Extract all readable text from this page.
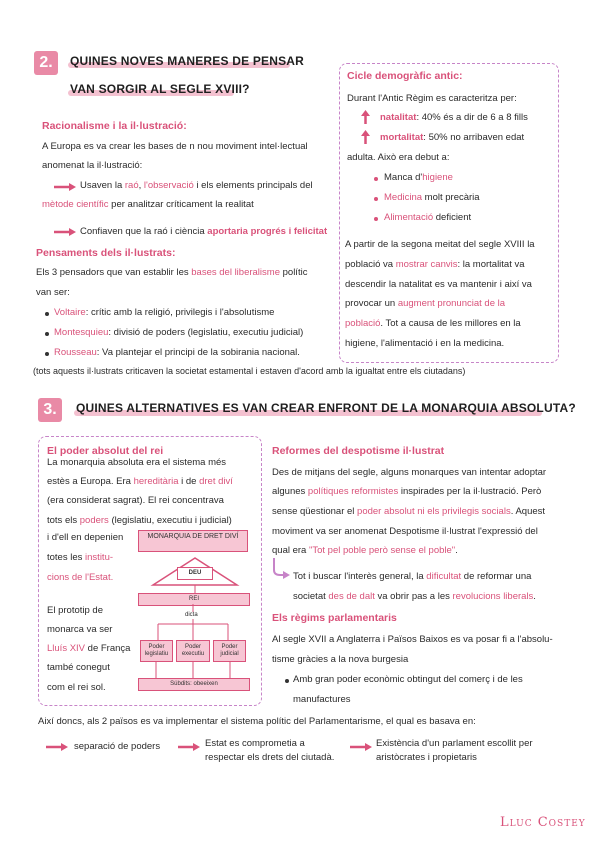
2.	QUINES NOVES MANERES DE PENSAR
VAN SORGIR AL SEGLE XVIII?
Racionalisme i la il·lustració:
A Europa es va crear les bases de n nou moviment intel·lectual
anomenat la il·lustració:
Usaven la raó, l'observació i els elements principals del
mètode científic per analitzar críticament la realitat
Confiaven que la raó i ciència aportaria progrés i felicitat
Pensaments dels il·lustrats:
Els 3 pensadors que van establir les bases del liberalisme polític
van ser:
Voltaire: crític amb la religió, privilegis i l'absolutisme
Montesquieu: divisió de poders (legislatiu, executiu judicial)
Rousseau: Va plantejar el principi de la sobirania nacional.
(tots aquests il·lustrats criticaven la societat estamental i estaven d'acord amb la igualtat entre els ciutadans)
Cicle demogràfic antic:
Durant l'Antic Règim es caracteritza per:
natalitat: 40% és a dir de 6 a 8 fills
mortalitat: 50% no arribaven edat
adulta. Això era debut a:
Manca d'higiene
Medicina molt precària
Alimentació deficient
A partir de la segona meitat del segle XVIII la
població va mostrar canvis: la mortalitat va
descendir la natalitat es va mantenir i així va
provocar un augment pronunciat de la
població. Tot a causa de les millores en la
higiene, l'alimentació i en la medicina.
3.	QUINES ALTERNATIVES ES VAN CREAR ENFRONT DE LA MONARQUIA ABSOLUTA?
El poder absolut del rei
La monarquia absoluta era el sistema més
estès a Europa. Era hereditària i de dret diví
(era considerat sagrat). El rei concentrava
tots els poders (legislatiu, executiu i judicial)
i d'ell en depenien
totes les institu-
cions de l'Estat.
El prototip de
monarca va ser
Lluís XIV de França
també conegut
com el rei sol.
MONARQUIA DE DRET DIVÍ
DEU
REI
dicta
Poder legislatiu
Poder executiu
Poder judicial
Súbdits: obeeixen
Reformes del despotisme il·lustrat
Des de mitjans del segle, alguns monarques van intentar adoptar
algunes polítiques reformistes inspirades per la il·lustració. Però
sense qüestionar el poder absolut ni els privilegis socials. Aquest
moviment va ser anomenat Despotisme il·lustrat l'expressió del
qual era "Tot pel poble però sense el poble".
Tot i buscar l'interès general, la dificultat de reformar una
societat des de dalt va obrir pas a les revolucions liberals.
Els règims parlamentaris
Al segle XVII a Anglaterra i Països Baixos es va posar fi a l'absolu-
tisme gràcies a la nova burgesia
Amb gran poder econòmic obtingut del comerç i de les
manufactures
Així doncs, als 2 països es va implementar el sistema polític del Parlamentarisme, el qual es basava en:
separació de poders	Estat es comprometia a
respectar els drets del ciutadà.
Existència d'un parlament escollit per
aristòcrates i propietaris
Lluc Costey
